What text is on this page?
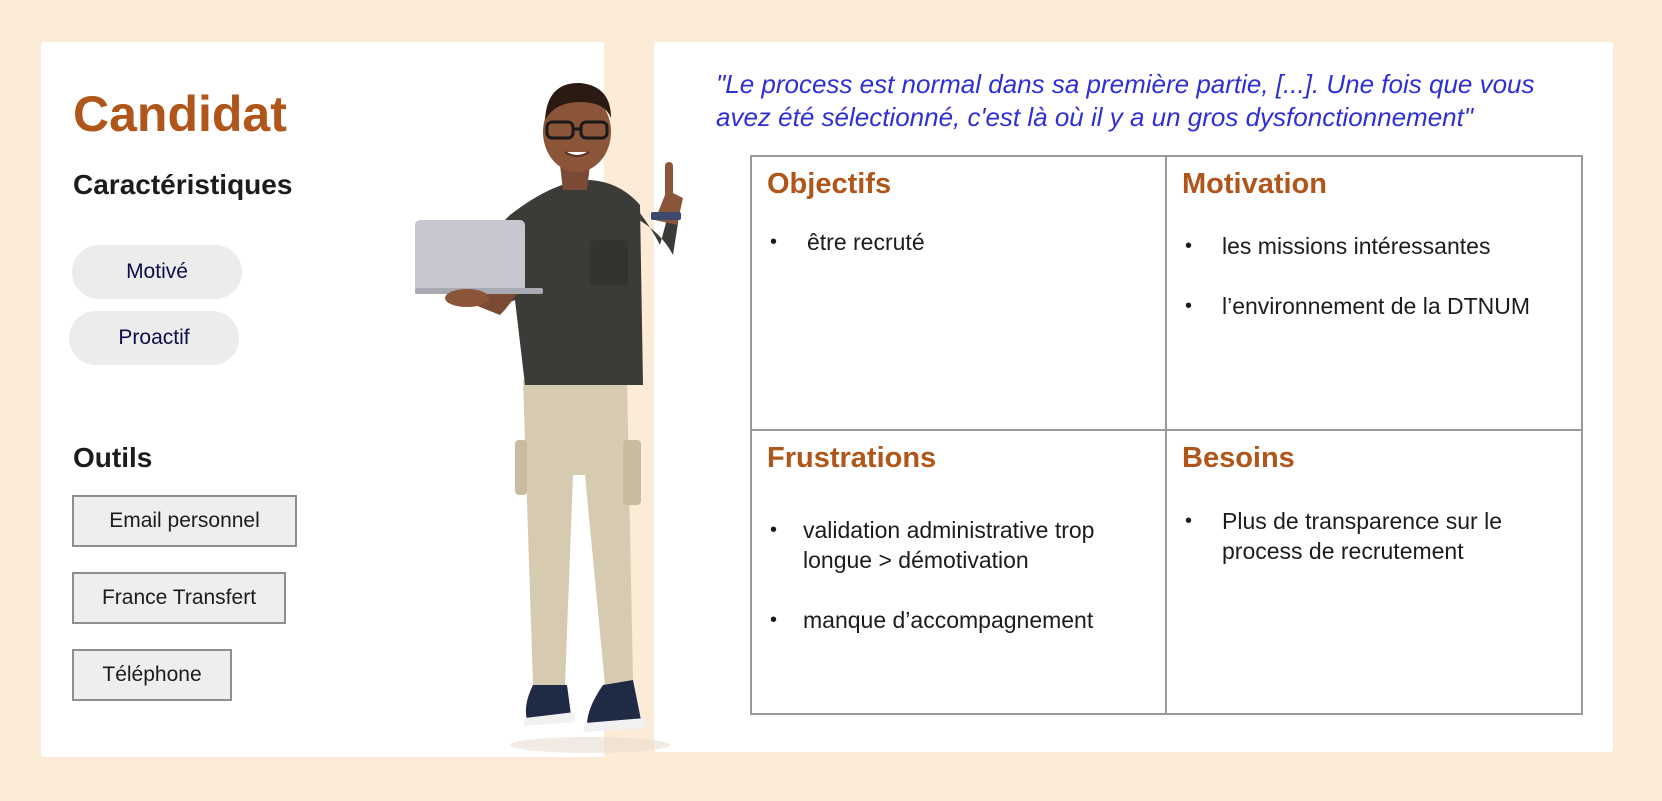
Candidat
Caractéristiques
Motivé
Proactif
Outils
Email personnel
France Transfert
Téléphone

"Le process est normal dans sa première partie, [...]. Une fois que vous avez été sélectionné, c'est là où il y a un gros dysfonctionnement"

Objectifs
• être recruté
Motivation
• les missions intéressantes
• l’environnement de la DTNUM
Frustrations
• validation administrative trop longue > démotivation
• manque d’accompagnement
Besoins
• Plus de transparence sur le process de recrutement
